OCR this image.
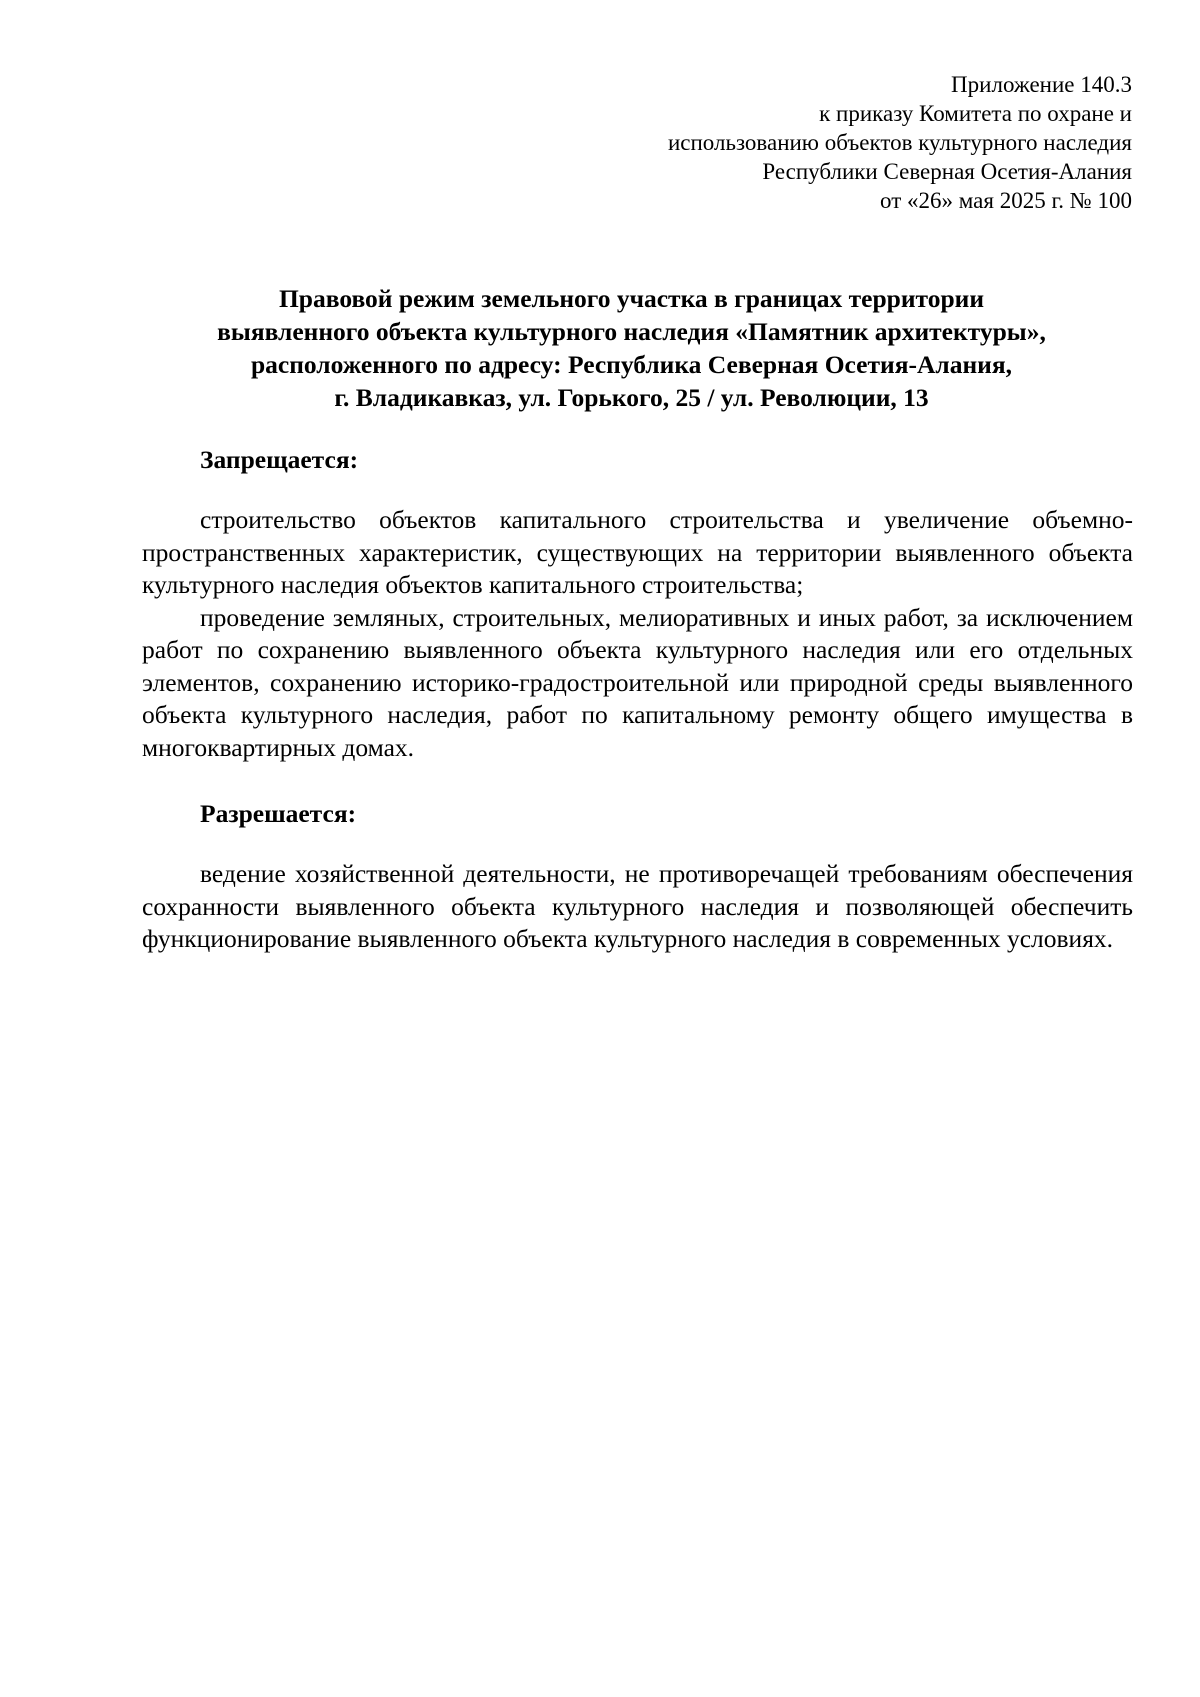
Приложение 140.3
к приказу Комитета по охране и
использованию объектов культурного наследия
Республики Северная Осетия-Алания
от «26» мая 2025 г. № 100
Правовой режим земельного участка в границах территории
выявленного объекта культурного наследия «Памятник архитектуры»,
расположенного по адресу: Республика Северная Осетия-Алания,
г. Владикавказ, ул. Горького, 25 / ул. Революции, 13
Запрещается:

строительство объектов капитального строительства и увеличение объемно-пространственных характеристик, существующих на территории выявленного объекта культурного наследия объектов капитального строительства;

проведение земляных, строительных, мелиоративных и иных работ, за исключением работ по сохранению выявленного объекта культурного наследия или его отдельных элементов, сохранению историко-градостроительной или природной среды выявленного объекта культурного наследия, работ по капитальному ремонту общего имущества в многоквартирных домах.

Разрешается:

ведение хозяйственной деятельности, не противоречащей требованиям обеспечения сохранности выявленного объекта культурного наследия и позволяющей обеспечить функционирование выявленного объекта культурного наследия в современных условиях.
